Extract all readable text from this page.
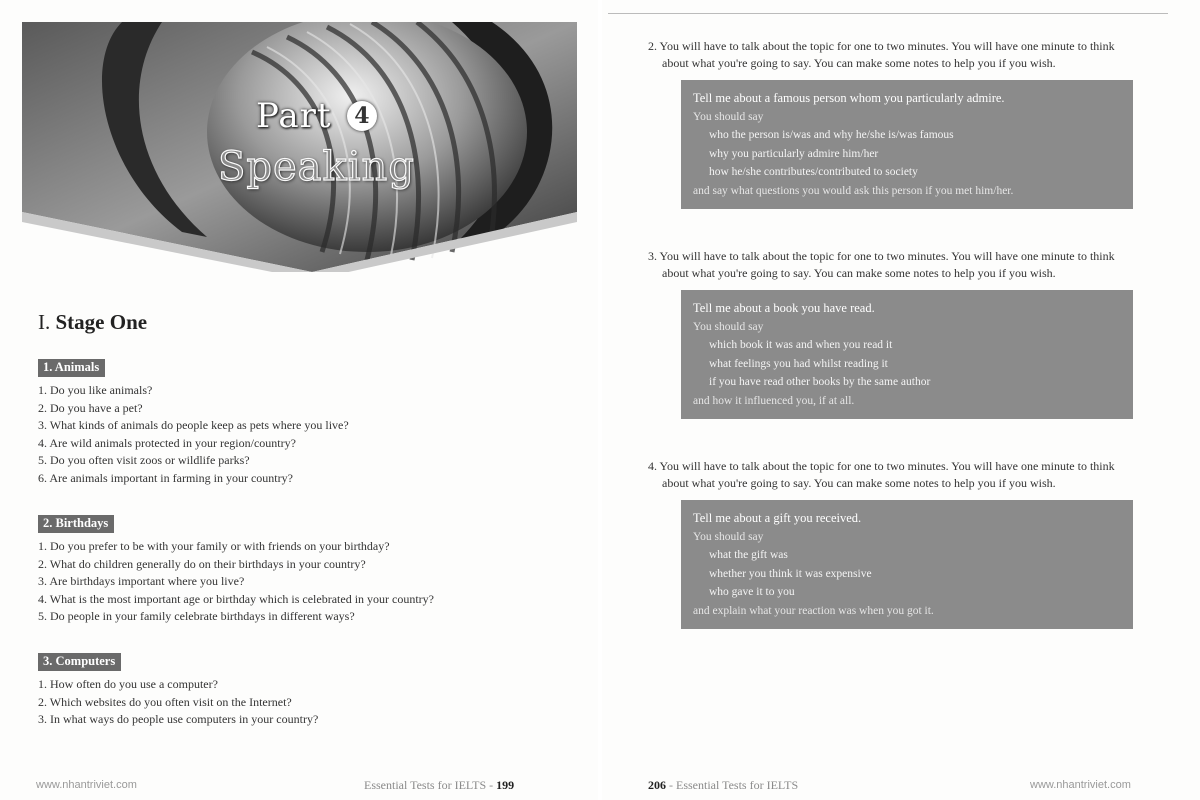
Part 4
Speaking
I. Stage One
1. Animals
1. Do you like animals?
2. Do you have a pet?
3. What kinds of animals do people keep as pets where you live?
4. Are wild animals protected in your region/country?
5. Do you often visit zoos or wildlife parks?
6. Are animals important in farming in your country?
2. Birthdays
1. Do you prefer to be with your family or with friends on your birthday?
2. What do children generally do on their birthdays in your country?
3. Are birthdays important where you live?
4. What is the most important age or birthday which is celebrated in your country?
5. Do people in your family celebrate birthdays in different ways?
3. Computers
1. How often do you use a computer?
2. Which websites do you often visit on the Internet?
3. In what ways do people use computers in your country?
www.nhantriviet.com	Essential Tests for IELTS - 199
2. You will have to talk about the topic for one to two minutes. You will have one minute to think about what you're going to say. You can make some notes to help you if you wish.
Tell me about a famous person whom you particularly admire.
You should say
who the person is/was and why he/she is/was famous
why you particularly admire him/her
how he/she contributes/contributed to society
and say what questions you would ask this person if you met him/her.
3. You will have to talk about the topic for one to two minutes. You will have one minute to think about what you're going to say. You can make some notes to help you if you wish.
Tell me about a book you have read.
You should say
which book it was and when you read it
what feelings you had whilst reading it
if you have read other books by the same author
and how it influenced you, if at all.
4. You will have to talk about the topic for one to two minutes. You will have one minute to think about what you're going to say. You can make some notes to help you if you wish.
Tell me about a gift you received.
You should say
what the gift was
whether you think it was expensive
who gave it to you
and explain what your reaction was when you got it.
206 - Essential Tests for IELTS	www.nhantriviet.com
